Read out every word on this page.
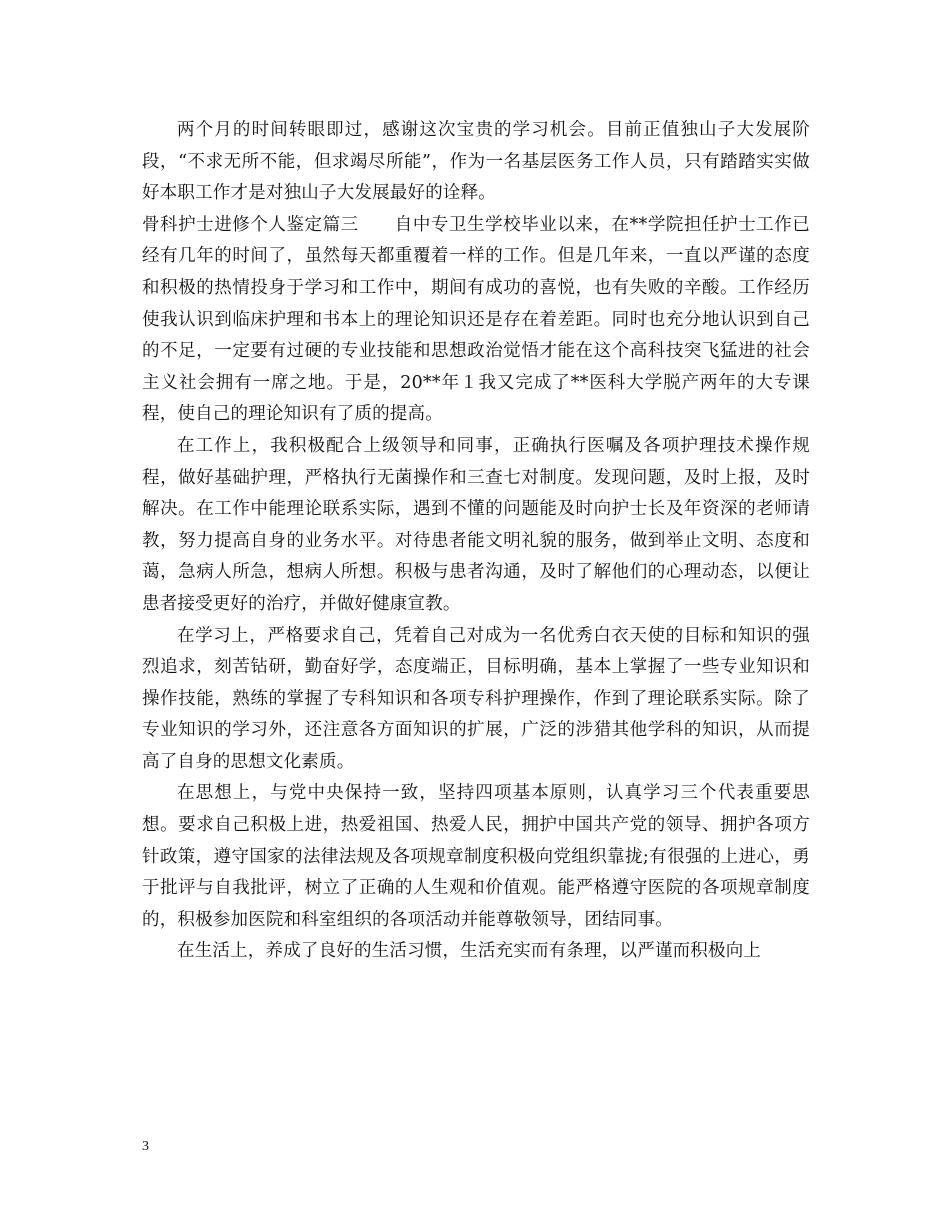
两个月的时间转眼即过，感谢这次宝贵的学习机会。目前正值独山子大发展阶段，“不求无所不能，但求竭尽所能”，作为一名基层医务工作人员，只有踏踏实实做好本职工作才是对独山子大发展最好的诠释。

骨科护士进修个人鉴定篇三　　自中专卫生学校毕业以来，在**学院担任护士工作已经有几年的时间了，虽然每天都重覆着一样的工作。但是几年来，一直以严谨的态度和积极的热情投身于学习和工作中，期间有成功的喜悦，也有失败的辛酸。工作经历使我认识到临床护理和书本上的理论知识还是存在着差距。同时也充分地认识到自己的不足，一定要有过硬的专业技能和思想政治觉悟才能在这个高科技突飞猛进的社会主义社会拥有一席之地。于是，20**年１我又完成了**医科大学脱产两年的大专课程，使自己的理论知识有了质的提高。

在工作上，我积极配合上级领导和同事，正确执行医嘱及各项护理技术操作规程，做好基础护理，严格执行无菌操作和三查七对制度。发现问题，及时上报，及时解决。在工作中能理论联系实际，遇到不懂的问题能及时向护士长及年资深的老师请教，努力提高自身的业务水平。对待患者能文明礼貌的服务，做到举止文明、态度和蔼，急病人所急，想病人所想。积极与患者沟通，及时了解他们的心理动态，以便让患者接受更好的治疗，并做好健康宣教。

在学习上，严格要求自己，凭着自己对成为一名优秀白衣天使的目标和知识的强烈追求，刻苦钻研，勤奋好学，态度端正，目标明确，基本上掌握了一些专业知识和操作技能，熟练的掌握了专科知识和各项专科护理操作，作到了理论联系实际。除了专业知识的学习外，还注意各方面知识的扩展，广泛的涉猎其他学科的知识，从而提高了自身的思想文化素质。

在思想上，与党中央保持一致，坚持四项基本原则，认真学习三个代表重要思想。要求自己积极上进，热爱祖国、热爱人民，拥护中国共产党的领导、拥护各项方针政策，遵守国家的法律法规及各项规章制度积极向党组织靠拢;有很强的上进心，勇于批评与自我批评，树立了正确的人生观和价值观。能严格遵守医院的各项规章制度的，积极参加医院和科室组织的各项活动并能尊敬领导，团结同事。

在生活上，养成了良好的生活习惯，生活充实而有条理，以严谨而积极向上

3
